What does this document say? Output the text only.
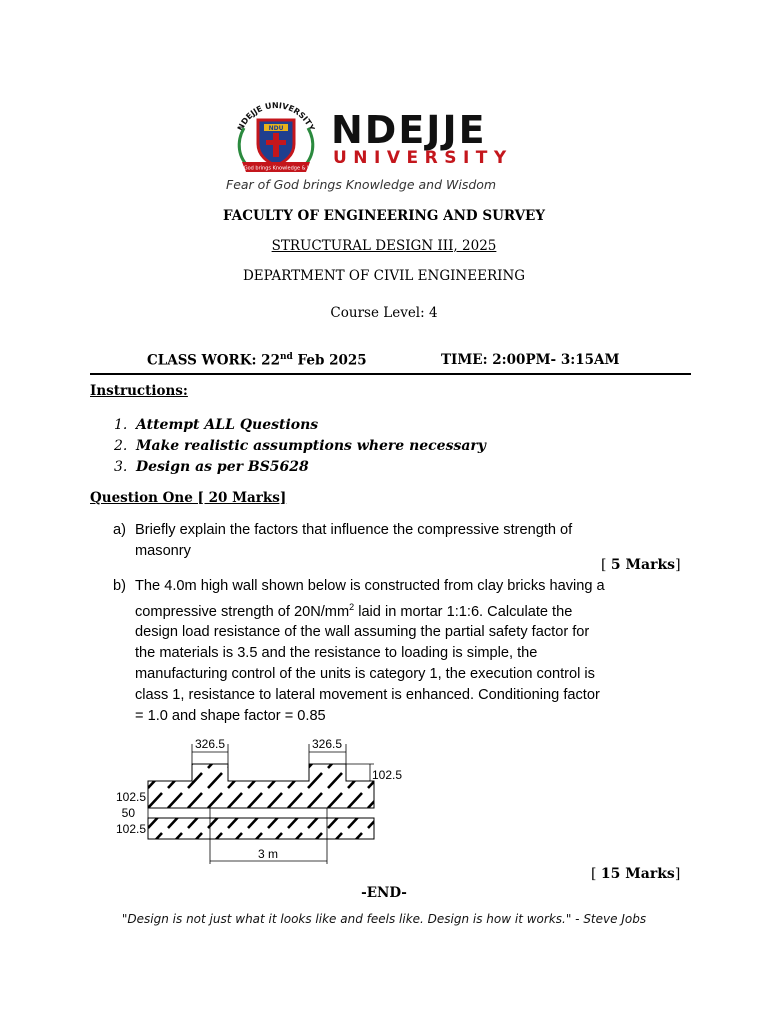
NDEJJE UNIVERSITY
NDU
Fear of God brings Knowledge & Wisdom
NDEJJE
UNIVERSITY
Fear of God brings Knowledge and Wisdom
FACULTY OF ENGINEERING AND SURVEY
STRUCTURAL DESIGN III, 2025
DEPARTMENT OF CIVIL ENGINEERING
Course Level: 4
CLASS WORK: 22nd Feb 2025	TIME: 2:00PM- 3:15AM
Instructions:
1. Attempt ALL Questions
2. Make realistic assumptions where necessary
3. Design as per BS5628
Question One [ 20 Marks]
a) Briefly explain the factors that influence the compressive strength of
masonry
[ 5 Marks]
b) The 4.0m high wall shown below is constructed from clay bricks having a
compressive strength of $20N/mm^2$ laid in mortar 1:1:6. Calculate the
design load resistance of the wall assuming the partial safety factor for
the materials is 3.5 and the resistance to loading is simple, the
manufacturing control of the units is category 1, the execution control is
class 1, resistance to lateral movement is enhanced. Conditioning factor
= 1.0 and shape factor = 0.85
326.5	326.5
102.5
102.5
50
102.5
3 m
[ 15 Marks]
-END-
"Design is not just what it looks like and feels like. Design is how it works." - Steve Jobs
